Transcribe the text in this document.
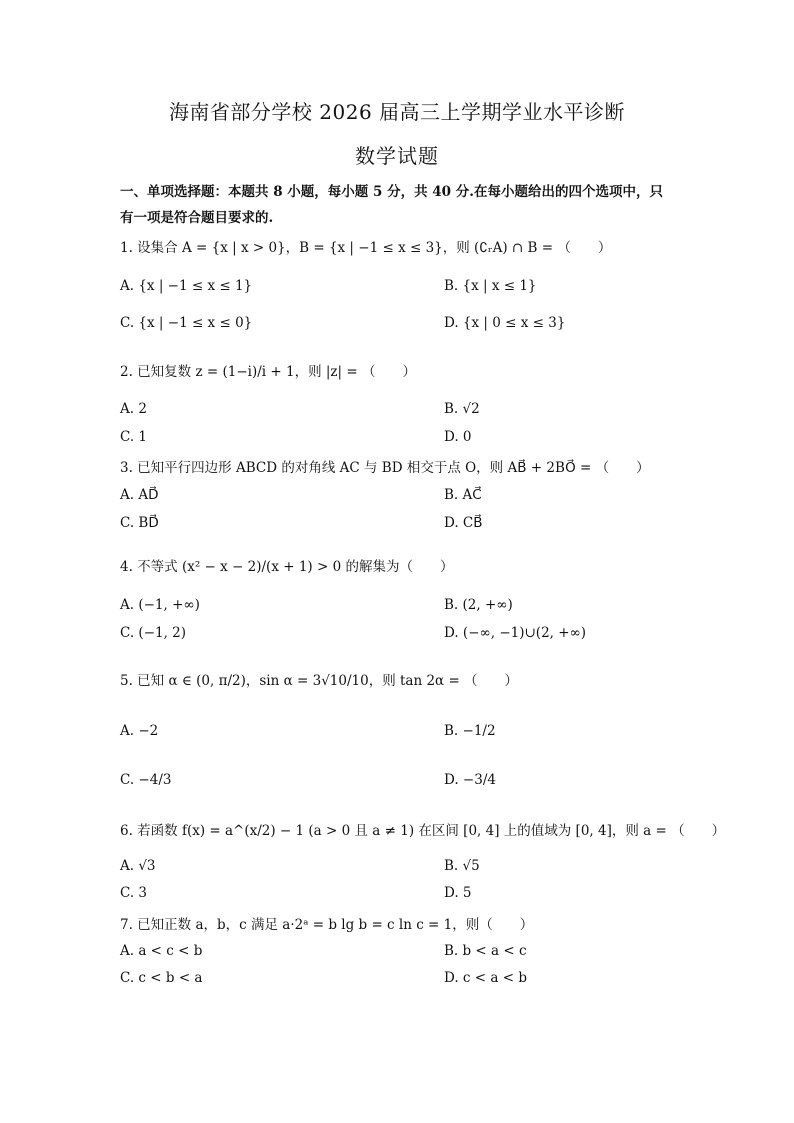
海南省部分学校 2026 届高三上学期学业水平诊断
数学试题
一、单项选择题：本题共 8 小题，每小题 5 分，共 40 分.在每小题给出的四个选项中，只有一项是符合题目要求的.
1. 设集合 A = {x | x > 0}，B = {x | −1 ≤ x ≤ 3}，则 (∁ᵣA) ∩ B = （　　）
A. {x | −1 ≤ x ≤ 1}	B. {x | x ≤ 1}
C. {x | −1 ≤ x ≤ 0}	D. {x | 0 ≤ x ≤ 3}
2. 已知复数 z = (1−i)/i + 1，则 |z| = （　　）
A. 2	B. √2
C. 1	D. 0
3. 已知平行四边形 ABCD 的对角线 AC 与 BD 相交于点 O，则 AB⃗ + 2BO⃗ = （　　）
A. AD⃗	B. AC⃗
C. BD⃗	D. CB⃗
4. 不等式 (x² − x − 2)/(x + 1) > 0 的解集为（　　）
A. (−1, +∞)	B. (2, +∞)
C. (−1, 2)	D. (−∞, −1)∪(2, +∞)
5. 已知 α ∈ (0, π/2)，sin α = 3√10/10，则 tan 2α = （　　）
A. −2	B. −1/2
C. −4/3	D. −3/4
6. 若函数 f(x) = a^(x/2) − 1 (a > 0 且 a ≠ 1) 在区间 [0, 4] 上的值域为 [0, 4]，则 a = （　　）
A. √3	B. √5
C. 3	D. 5
7. 已知正数 a，b，c 满足 a·2ᵃ = b lg b = c ln c = 1，则（　　）
A. a < c < b	B. b < a < c
C. c < b < a	D. c < a < b
